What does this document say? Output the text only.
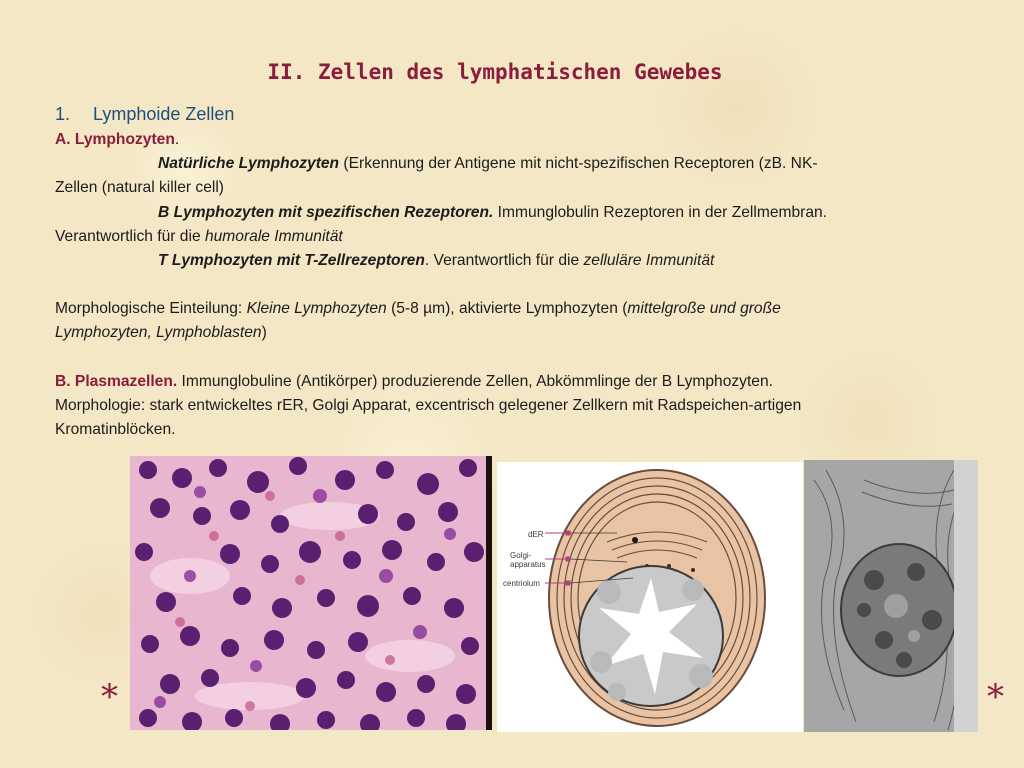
II. Zellen des lymphatischen Gewebes
1. Lymphoide Zellen

A. Lymphozyten.

Natürliche Lymphozyten (Erkennung der Antigene mit nicht-spezifischen Receptoren (zB. NK-

Zellen (natural killer cell)

B Lymphozyten mit spezifischen Rezeptoren. Immunglobulin Rezeptoren in der Zellmembran.

Verantwortlich für die humorale Immunität

T Lymphozyten mit T-Zellrezeptoren. Verantwortlich für die zelluläre Immunität

Morphologische Einteilung: Kleine Lymphozyten (5-8 µm), aktivierte Lymphozyten (mittelgroße und große

Lymphozyten, Lymphoblasten)

B. Plasmazellen. Immunglobuline (Antikörper) produzierende Zellen, Abkömmlinge der B Lymphozyten.

Morphologie: stark entwickeltes rER, Golgi Apparat, excentrisch gelegener Zellkern mit Radspeichen-artigen

Kromatinblöcken.

dER
Golgi-
apparatus
centriolum
*	*
